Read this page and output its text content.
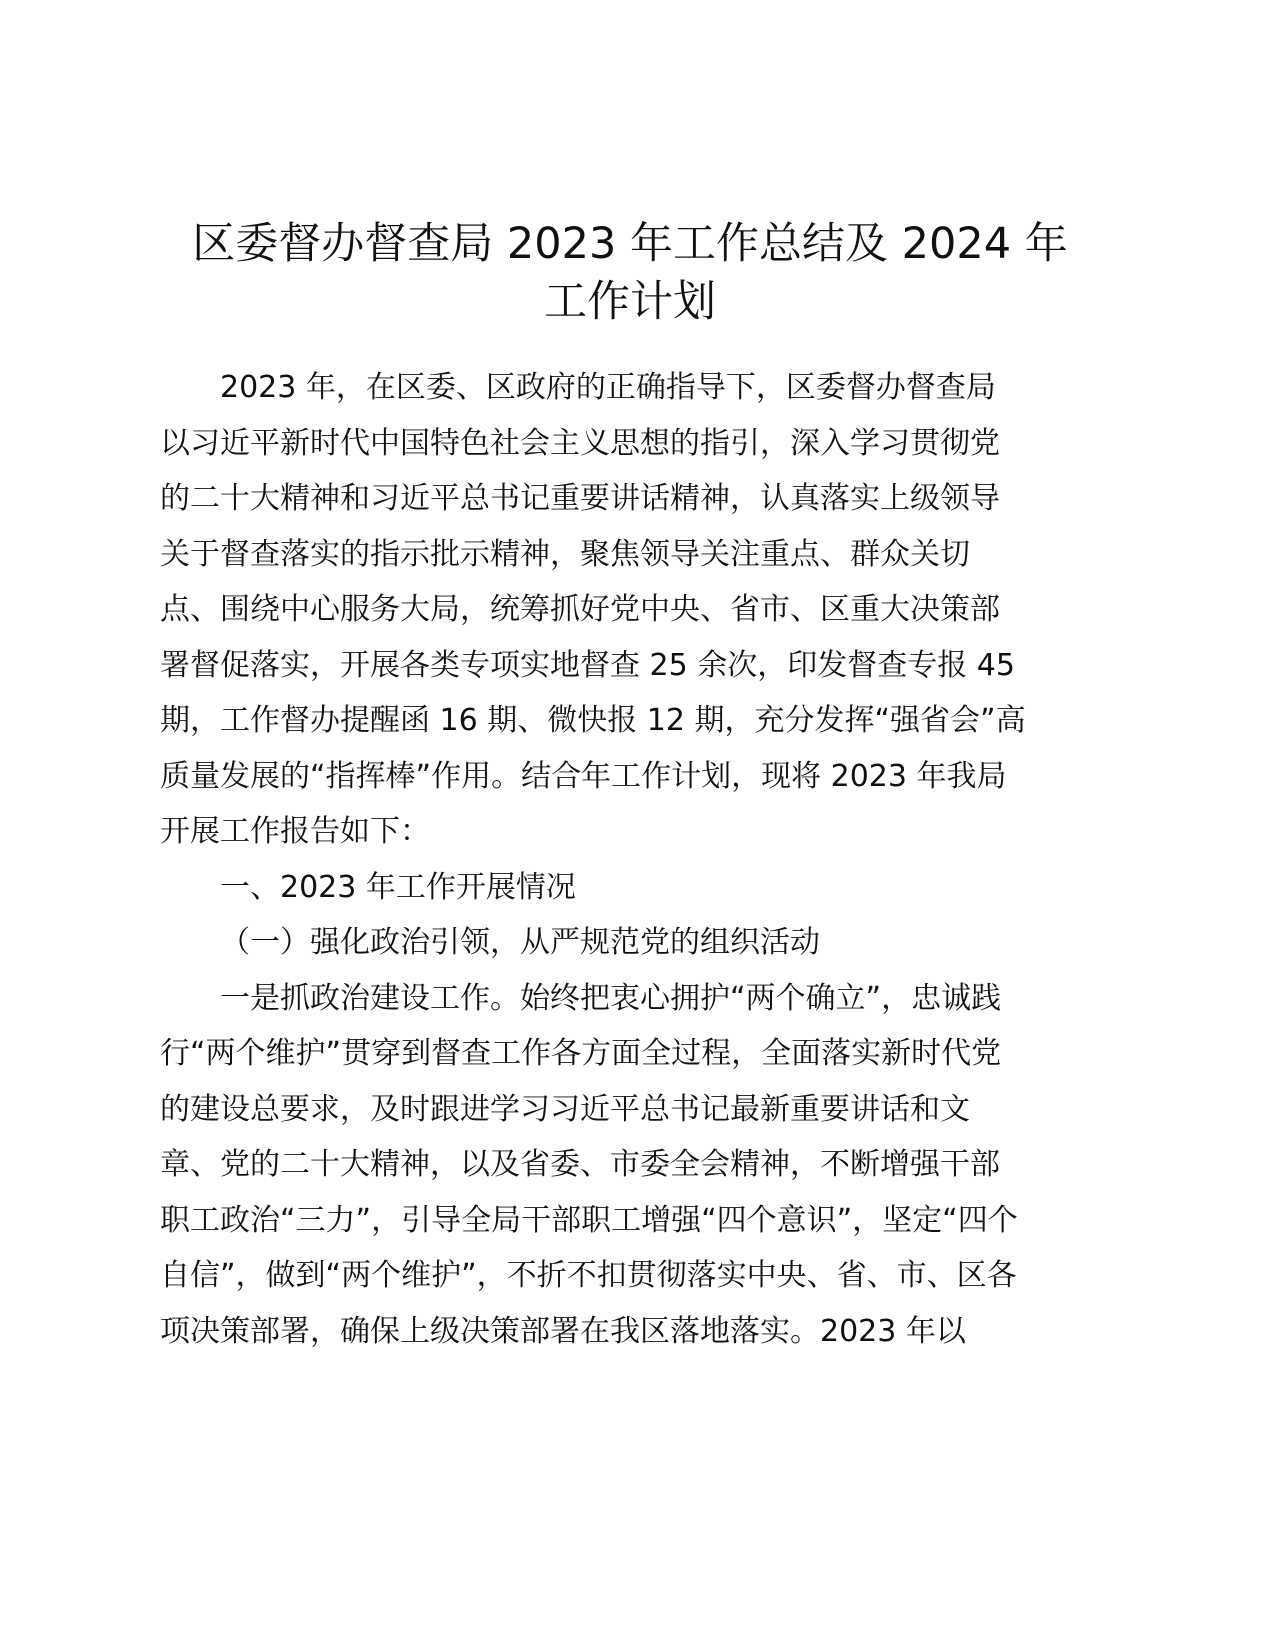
区委督办督查局 2023 年工作总结及 2024 年
工作计划
2023 年，在区委、区政府的正确指导下，区委督办督查局
以习近平新时代中国特色社会主义思想的指引，深入学习贯彻党
的二十大精神和习近平总书记重要讲话精神，认真落实上级领导
关于督查落实的指示批示精神，聚焦领导关注重点、群众关切
点、围绕中心服务大局，统筹抓好党中央、省市、区重大决策部
署督促落实，开展各类专项实地督查 25 余次，印发督查专报 45
期，工作督办提醒函 16 期、微快报 12 期，充分发挥“强省会”高
质量发展的“指挥棒”作用。结合年工作计划，现将 2023 年我局
开展工作报告如下：
一、2023 年工作开展情况
（一）强化政治引领，从严规范党的组织活动
一是抓政治建设工作。始终把衷心拥护“两个确立”，忠诚践
行“两个维护”贯穿到督查工作各方面全过程，全面落实新时代党
的建设总要求，及时跟进学习习近平总书记最新重要讲话和文
章、党的二十大精神，以及省委、市委全会精神，不断增强干部
职工政治“三力”，引导全局干部职工增强“四个意识”，坚定“四个
自信”，做到“两个维护”，不折不扣贯彻落实中央、省、市、区各
项决策部署，确保上级决策部署在我区落地落实。2023 年以
